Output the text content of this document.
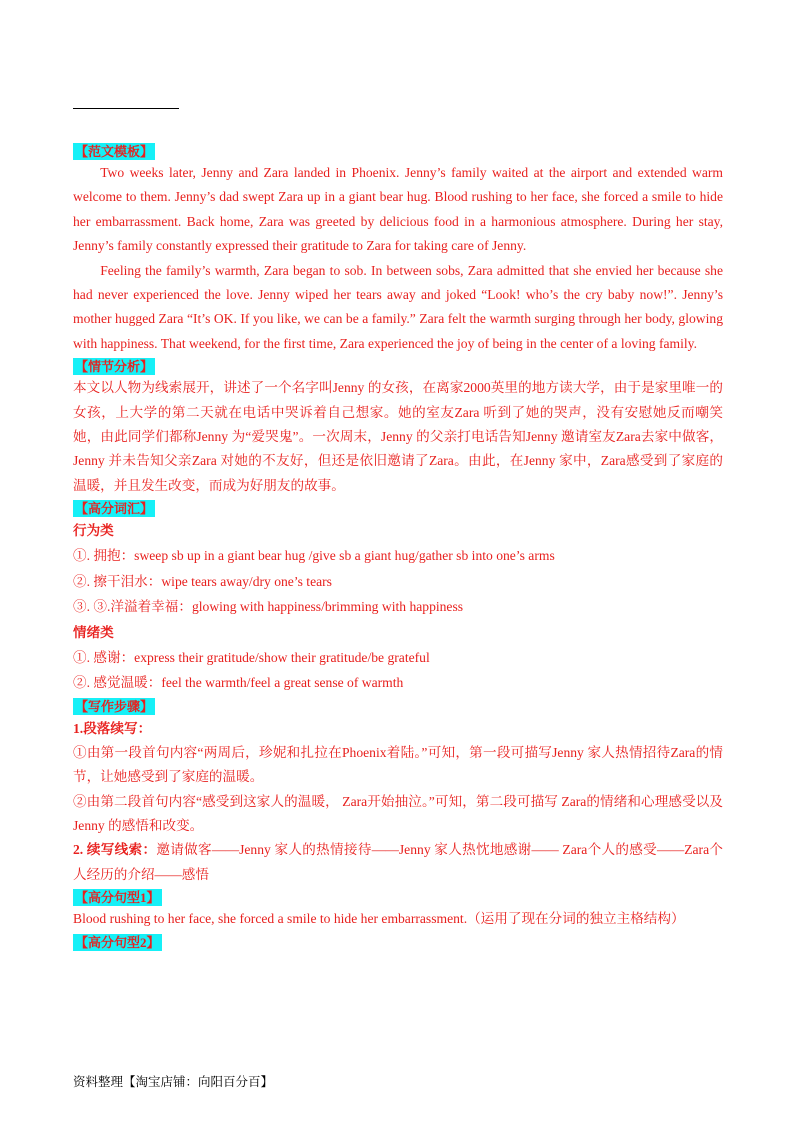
【范文模板】
Two weeks later, Jenny and Zara landed in Phoenix. Jenny’s family waited at the airport and extended warm welcome to them. Jenny’s dad swept Zara up in a giant bear hug. Blood rushing to her face, she forced a smile to hide her embarrassment. Back home, Zara was greeted by delicious food in a harmonious atmosphere. During her stay, Jenny’s family constantly expressed their gratitude to Zara for taking care of Jenny.
Feeling the family’s warmth, Zara began to sob. In between sobs, Zara admitted that she envied her because she had never experienced the love. Jenny wiped her tears away and joked “Look! who’s the cry baby now!”. Jenny’s mother hugged Zara “It’s OK. If you like, we can be a family.” Zara felt the warmth surging through her body, glowing with happiness. That weekend, for the first time, Zara experienced the joy of being in the center of a loving family.
【情节分析】
本文以人物为线索展开，讲述了一个名字叫Jenny 的女孩，在离家2000英里的地方读大学，由于是家里唯一的女孩，上大学的第二天就在电话中哭诉着自己想家。她的室友Zara 听到了她的哭声，没有安慰她反而嘲笑她，由此同学们都称Jenny 为“爱哭鬼”。一次周末，Jenny 的父亲打电话告知Jenny 邀请室友Zara去家中做客，Jenny 并未告知父亲Zara 对她的不友好，但还是依旧邀请了Zara。由此，在Jenny 家中，Zara感受到了家庭的温暖，并且发生改变，而成为好朋友的故事。
【高分词汇】
行为类
①. 拥抱：sweep sb up in a giant bear hug /give sb a giant hug/gather sb into one’s arms
②. 擦干泪水：wipe tears away/dry one’s tears
③. ③.洋溢着幸福：glowing with happiness/brimming with happiness
情绪类
①. 感谢：express their gratitude/show their gratitude/be grateful
②. 感觉温暖：feel the warmth/feel a great sense of warmth
【写作步骤】
1.段落续写：
①由第一段首句内容“两周后，珍妮和扎拉在Phoenix着陆。”可知，第一段可描写Jenny 家人热情招待Zara的情节，让她感受到了家庭的温暖。
②由第二段首句内容“感受到这家人的温暖， Zara开始抽泣。”可知，第二段可描写 Zara的情绪和心理感受以及Jenny 的感悟和改变。
2. 续写线索：邀请做客——Jenny 家人的热情接待——Jenny 家人热忱地感谢—— Zara个人的感受——Zara个人经历的介绍——感悟
【高分句型1】
Blood rushing to her face, she forced a smile to hide her embarrassment.（运用了现在分词的独立主格结构）
【高分句型2】
资料整理【淘宝店铺：向阳百分百】
